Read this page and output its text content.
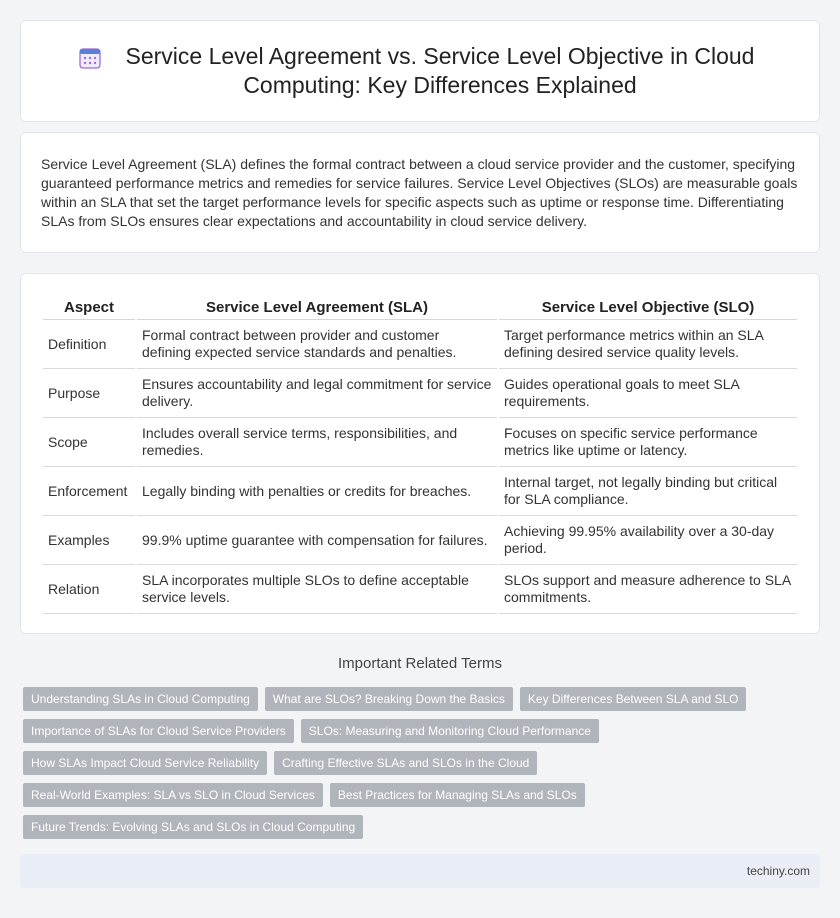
Service Level Agreement vs. Service Level Objective in Cloud Computing: Key Differences Explained

Service Level Agreement (SLA) defines the formal contract between a cloud service provider and the customer, specifying guaranteed performance metrics and remedies for service failures. Service Level Objectives (SLOs) are measurable goals within an SLA that set the target performance levels for specific aspects such as uptime or response time. Differentiating SLAs from SLOs ensures clear expectations and accountability in cloud service delivery.

Aspect	Service Level Agreement (SLA)	Service Level Objective (SLO)
Definition	Formal contract between provider and customer defining expected service standards and penalties.	Target performance metrics within an SLA defining desired service quality levels.
Purpose	Ensures accountability and legal commitment for service delivery.	Guides operational goals to meet SLA requirements.
Scope	Includes overall service terms, responsibilities, and remedies.	Focuses on specific service performance metrics like uptime or latency.
Enforcement	Legally binding with penalties or credits for breaches.	Internal target, not legally binding but critical for SLA compliance.
Examples	99.9% uptime guarantee with compensation for failures.	Achieving 99.95% availability over a 30-day period.
Relation	SLA incorporates multiple SLOs to define acceptable service levels.	SLOs support and measure adherence to SLA commitments.
Important Related Terms
Understanding SLAs in Cloud Computing	What are SLOs? Breaking Down the Basics	Key Differences Between SLA and SLO
Importance of SLAs for Cloud Service Providers	SLOs: Measuring and Monitoring Cloud Performance
How SLAs Impact Cloud Service Reliability	Crafting Effective SLAs and SLOs in the Cloud
Real-World Examples: SLA vs SLO in Cloud Services	Best Practices for Managing SLAs and SLOs
Future Trends: Evolving SLAs and SLOs in Cloud Computing
techiny.com
